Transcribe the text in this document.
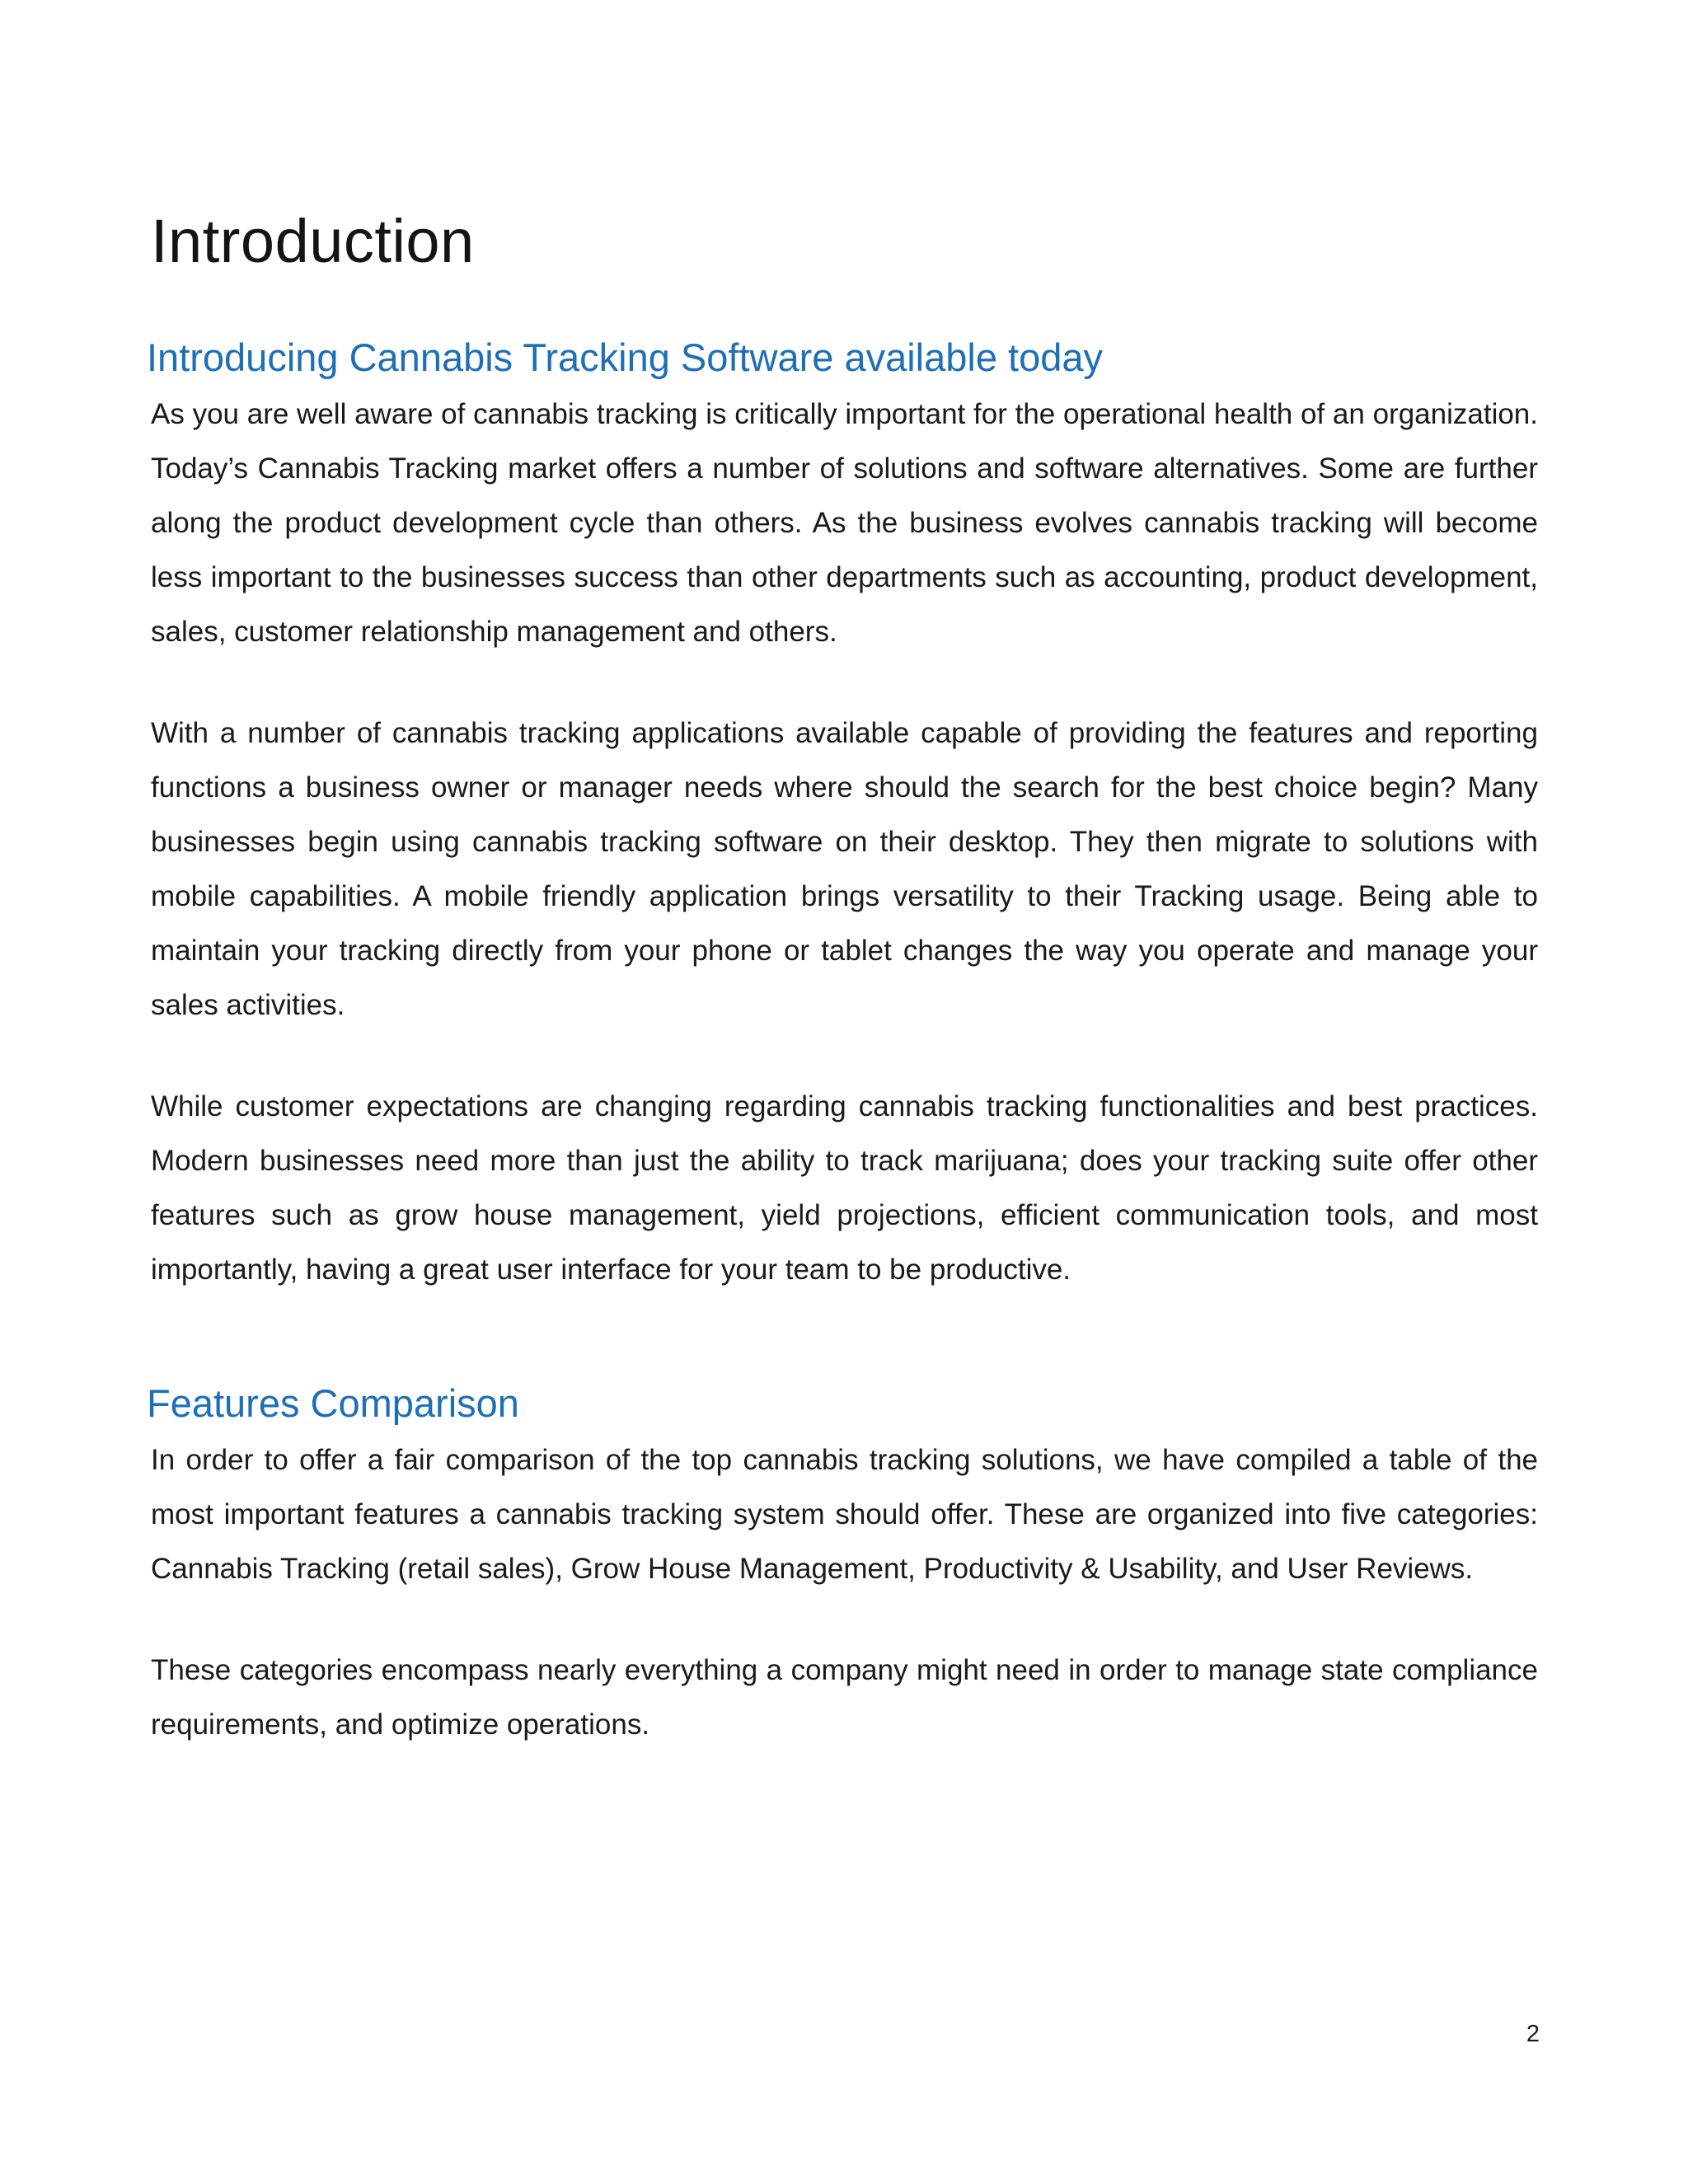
Introduction
Introducing Cannabis Tracking Software available today

As you are well aware of cannabis tracking is critically important for the operational health of an organization. Today’s Cannabis Tracking market offers a number of solutions and software alternatives. Some are further along the product development cycle than others. As the business evolves cannabis tracking will become less important to the businesses success than other departments such as accounting, product development, sales, customer relationship management and others.

With a number of cannabis tracking applications available capable of providing the features and reporting functions a business owner or manager needs where should the search for the best choice begin? Many businesses begin using cannabis tracking software on their desktop. They then migrate to solutions with mobile capabilities. A mobile friendly application brings versatility to their Tracking usage. Being able to maintain your tracking directly from your phone or tablet changes the way you operate and manage your sales activities.

While customer expectations are changing regarding cannabis tracking functionalities and best practices. Modern businesses need more than just the ability to track marijuana; does your tracking suite offer other features such as grow house management, yield projections, efficient communication tools, and most importantly, having a great user interface for your team to be productive.

Features Comparison

In order to offer a fair comparison of the top cannabis tracking solutions, we have compiled a table of the most important features a cannabis tracking system should offer. These are organized into five categories: Cannabis Tracking (retail sales), Grow House Management, Productivity & Usability, and User Reviews.

These categories encompass nearly everything a company might need in order to manage state compliance requirements, and optimize operations.

2
